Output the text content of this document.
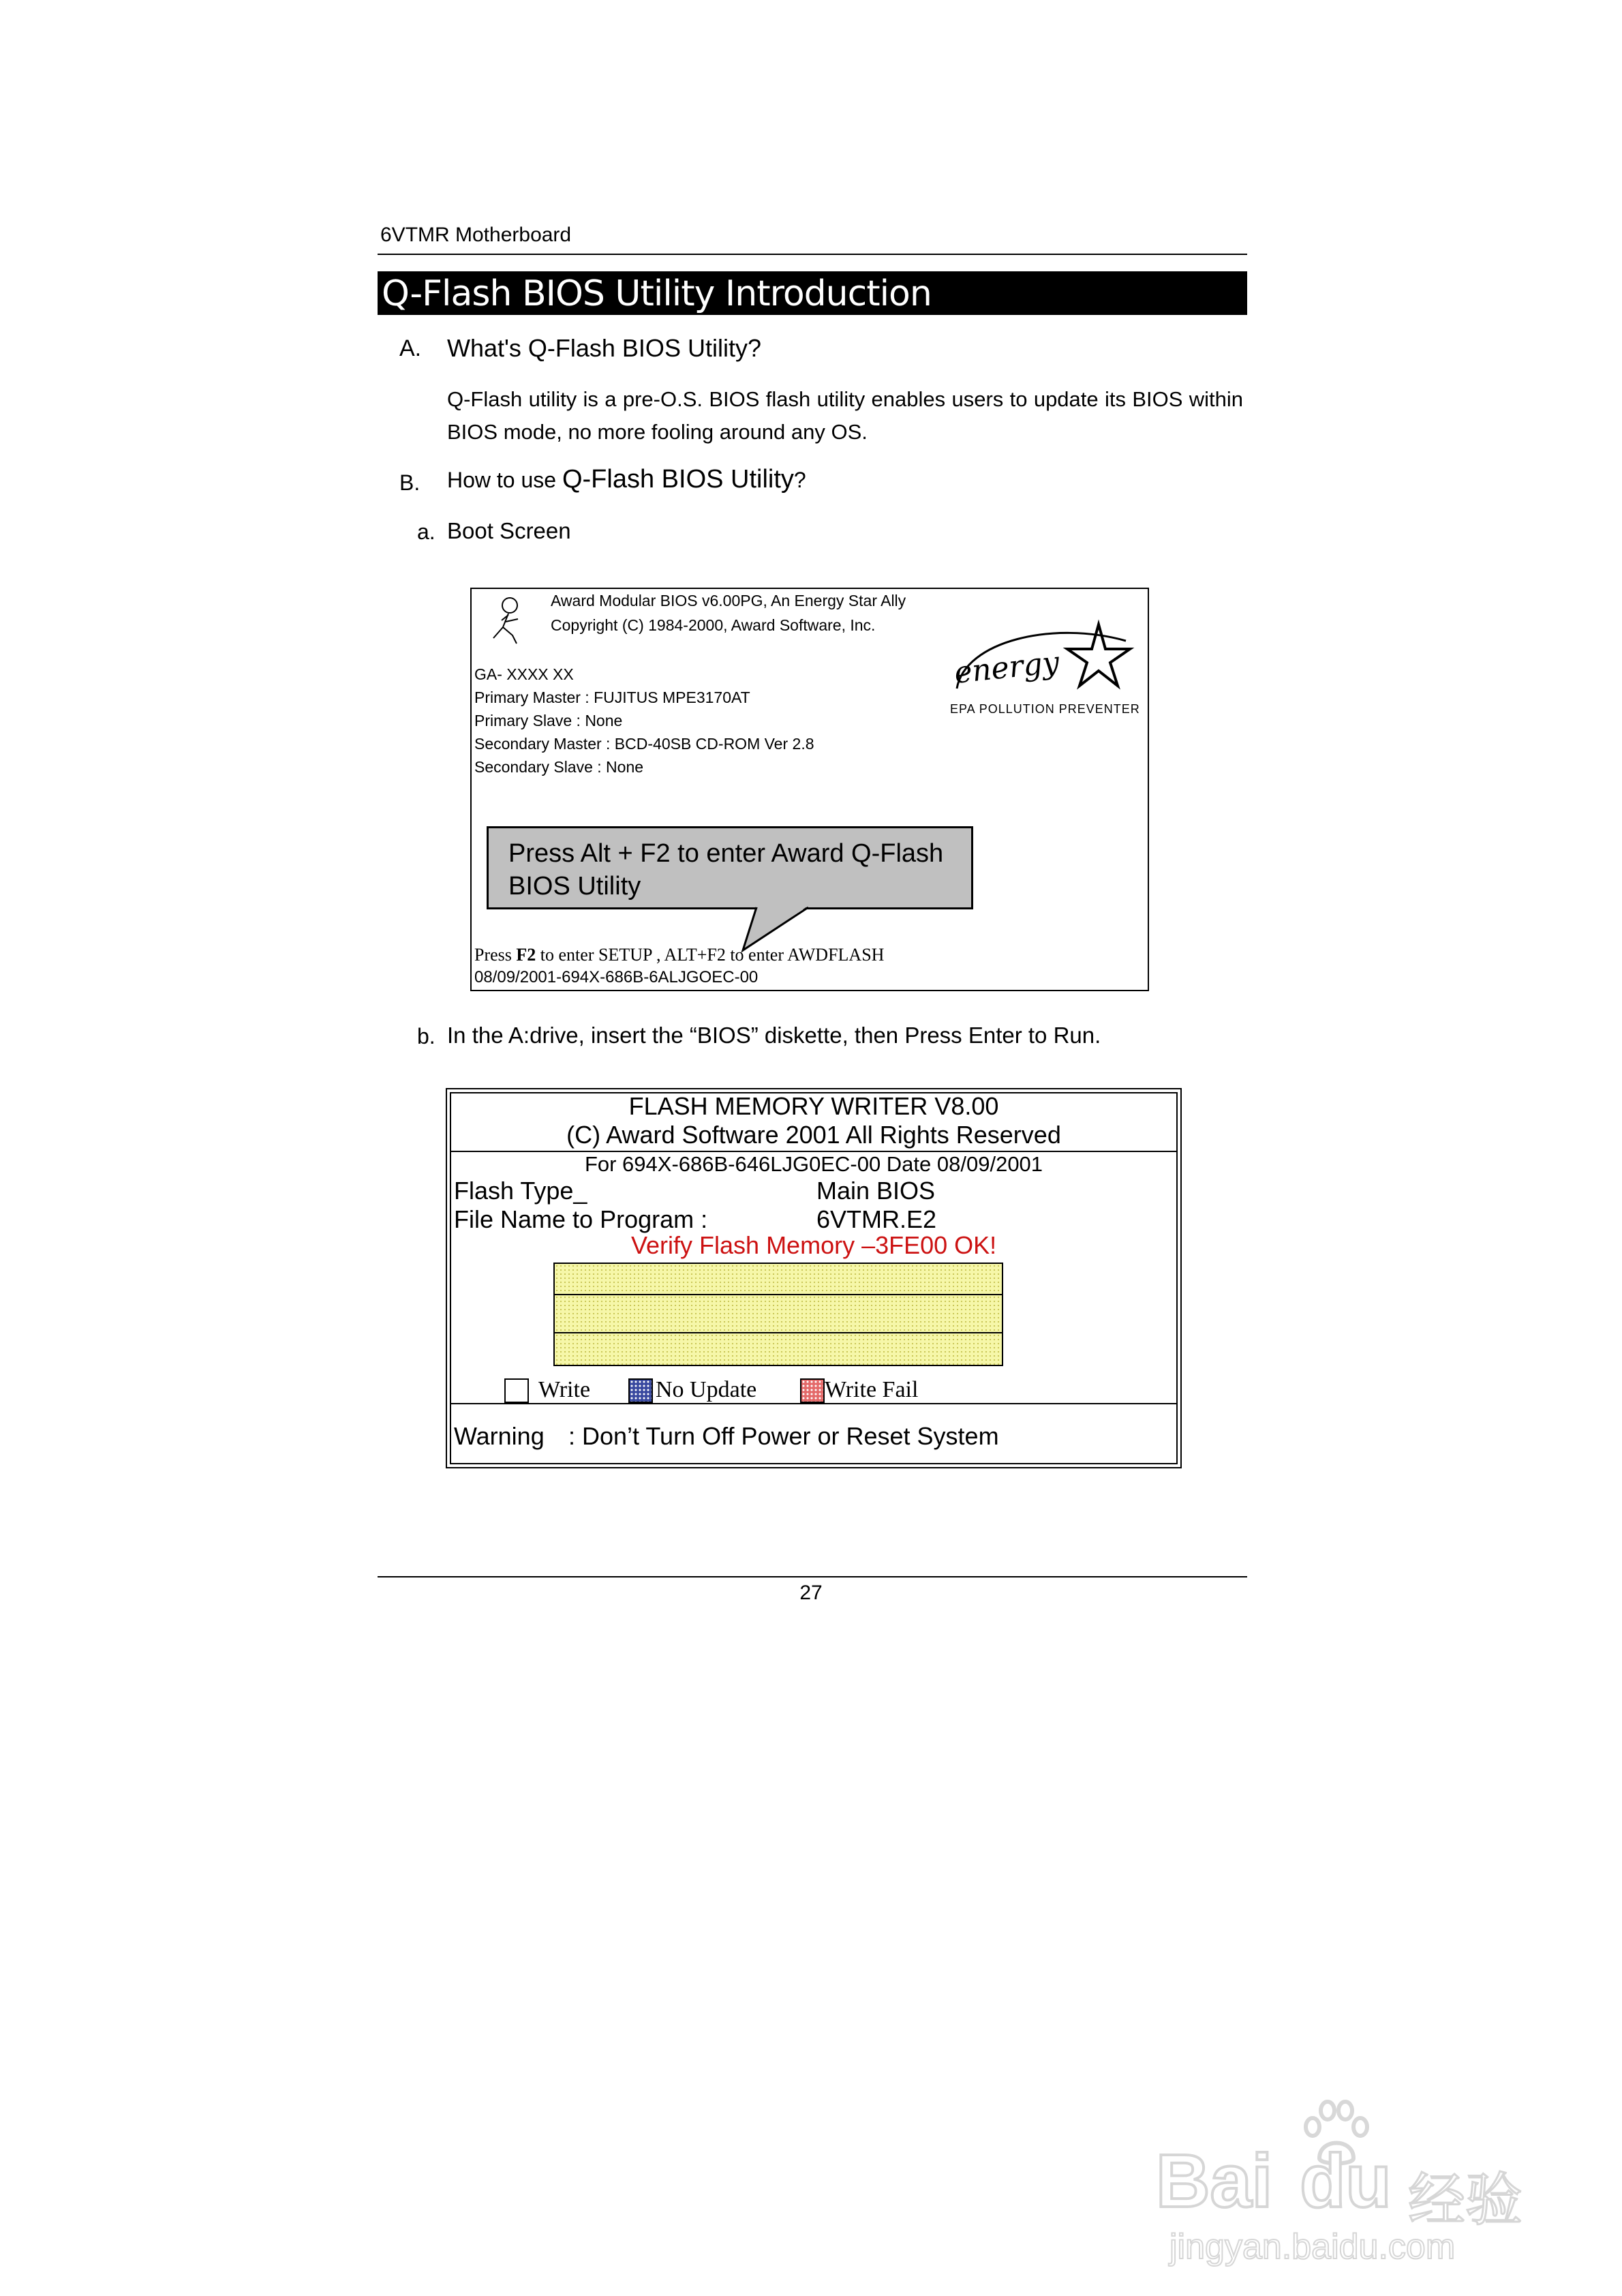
6VTMR Motherboard
Q-Flash BIOS Utility Introduction
A. What's Q-Flash BIOS Utility?
Q-Flash utility is a pre-O.S. BIOS flash utility enables users to update its BIOS within BIOS mode, no more fooling around any OS.
B. How to use Q-Flash BIOS Utility?
a. Boot Screen
Award Modular BIOS v6.00PG, An Energy Star Ally
Copyright (C) 1984-2000, Award Software, Inc.
GA- XXXX XX
Primary Master : FUJITUS MPE3170AT
Primary Slave : None
Secondary Master : BCD-40SB CD-ROM Ver 2.8
Secondary Slave : None
energy
EPA POLLUTION PREVENTER
Press Alt + F2 to enter Award Q-Flash BIOS Utility
Press F2 to enter SETUP , ALT+F2 to enter AWDFLASH
08/09/2001-694X-686B-6ALJGOEC-00
b. In the A:drive, insert the “BIOS” diskette, then Press Enter to Run.
FLASH MEMORY WRITER V8.00
(C) Award Software 2001 All Rights Reserved
For 694X-686B-646LJG0EC-00 Date 08/09/2001
Flash Type_	Main BIOS
File Name to Program :	6VTMR.E2
Verify Flash Memory –3FE00 OK!
Write	No Update	Write Fail
Warning : Don’t Turn Off Power or Reset System
27
Bai du 经验
jingyan.baidu.com
